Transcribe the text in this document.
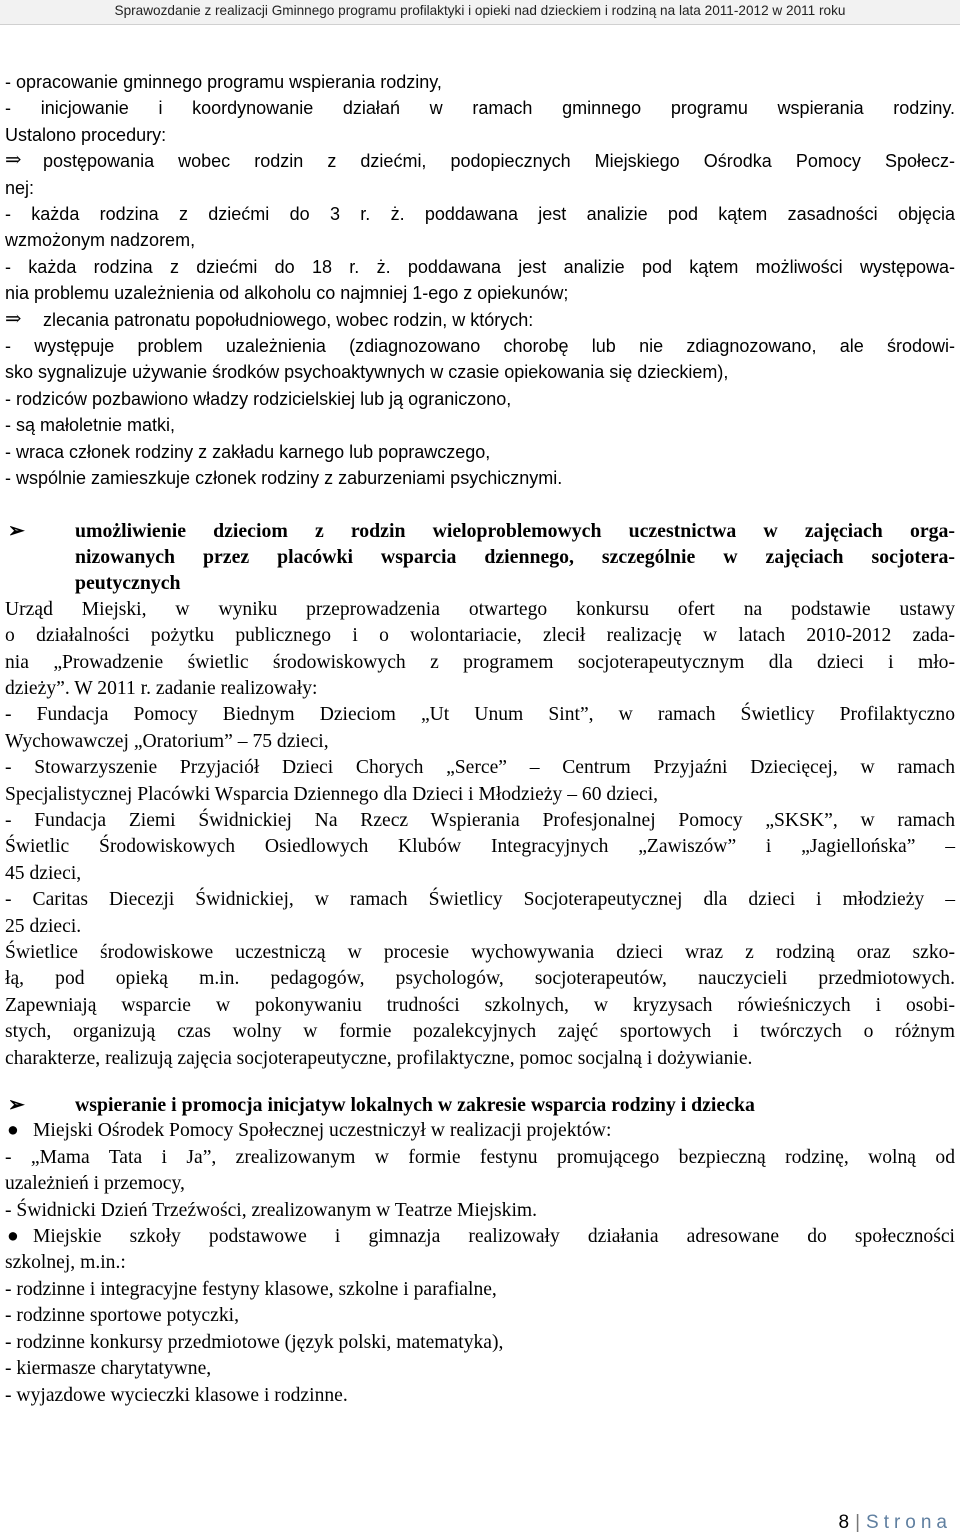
Sprawozdanie z realizacji Gminnego programu profilaktyki i opieki nad dzieckiem i rodziną na lata 2011-2012 w 2011 roku

- opracowanie gminnego programu wspierania rodziny,

- inicjowanie i koordynowanie działań w ramach gminnego programu wspierania rodziny.

Ustalono procedury:

⇒	postępowania wobec rodzin z dziećmi, podopiecznych Miejskiego Ośrodka Pomocy Społecz-

nej:

- każda rodzina z dziećmi do 3 r. ż. poddawana jest analizie pod kątem zasadności objęcia

wzmożonym nadzorem,

- każda rodzina z dziećmi do 18 r. ż. poddawana jest analizie pod kątem możliwości występowa-

nia problemu uzależnienia od alkoholu co najmniej 1-ego z opiekunów;

⇒	zlecania patronatu popołudniowego, wobec rodzin, w których:

- występuje problem uzależnienia (zdiagnozowano chorobę lub nie zdiagnozowano, ale środowi-

sko sygnalizuje używanie środków psychoaktywnych w czasie opiekowania się dzieckiem),

- rodziców pozbawiono władzy rodzicielskiej lub ją ograniczono,

- są małoletnie matki,

- wraca członek rodziny z zakładu karnego lub poprawczego,

- wspólnie zamieszkuje członek rodziny z zaburzeniami psychicznymi.

➢	umożliwienie dzieciom z rodzin wieloproblemowych uczestnictwa w zajęciach orga-

nizowanych przez placówki wsparcia dziennego, szczególnie w zajęciach socjotera-

peutycznych

Urząd Miejski, w wyniku przeprowadzenia otwartego konkursu ofert na podstawie ustawy

o działalności pożytku publicznego i o wolontariacie, zlecił realizację w latach 2010-2012 zada-

nia „Prowadzenie świetlic środowiskowych z programem socjoterapeutycznym dla dzieci i mło-

dzieży”. W 2011 r. zadanie realizowały:

- Fundacja Pomocy Biednym Dzieciom „Ut Unum Sint”, w ramach Świetlicy Profilaktyczno

Wychowawczej „Oratorium” – 75 dzieci,

- Stowarzyszenie Przyjaciół Dzieci Chorych „Serce” – Centrum Przyjaźni Dziecięcej, w ramach

Specjalistycznej Placówki Wsparcia Dziennego dla Dzieci i Młodzieży – 60 dzieci,

- Fundacja Ziemi Świdnickiej Na Rzecz Wspierania Profesjonalnej Pomocy „SKSK”, w ramach

Świetlic Środowiskowych Osiedlowych Klubów Integracyjnych „Zawiszów” i „Jagiellońska” –

45 dzieci,

- Caritas Diecezji Świdnickiej, w ramach Świetlicy Socjoterapeutycznej dla dzieci i młodzieży –

25 dzieci.

Świetlice środowiskowe uczestniczą w procesie wychowywania dzieci wraz z rodziną oraz szko-

łą, pod opieką m.in. pedagogów, psychologów, socjoterapeutów, nauczycieli przedmiotowych.

Zapewniają wsparcie w pokonywaniu trudności szkolnych, w kryzysach rówieśniczych i osobi-

stych, organizują czas wolny w formie pozalekcyjnych zajęć sportowych i twórczych o różnym

charakterze, realizują zajęcia socjoterapeutyczne, profilaktyczne, pomoc socjalną i dożywianie.

➢	wspieranie i promocja inicjatyw lokalnych w zakresie wsparcia rodziny i dziecka

● Miejski Ośrodek Pomocy Społecznej uczestniczył w realizacji projektów:

- „Mama Tata i Ja”, zrealizowanym w formie festynu promującego bezpieczną rodzinę, wolną od

uzależnień i przemocy,

- Świdnicki Dzień Trzeźwości, zrealizowanym w Teatrze Miejskim.

● Miejskie szkoły podstawowe i gimnazja realizowały działania adresowane do społeczności

szkolnej, m.in.:

- rodzinne i integracyjne festyny klasowe, szkolne i parafialne,

- rodzinne sportowe potyczki,

- rodzinne konkursy przedmiotowe (język polski, matematyka),

- kiermasze charytatywne,

- wyjazdowe wycieczki klasowe i rodzinne.

8 | Strona
